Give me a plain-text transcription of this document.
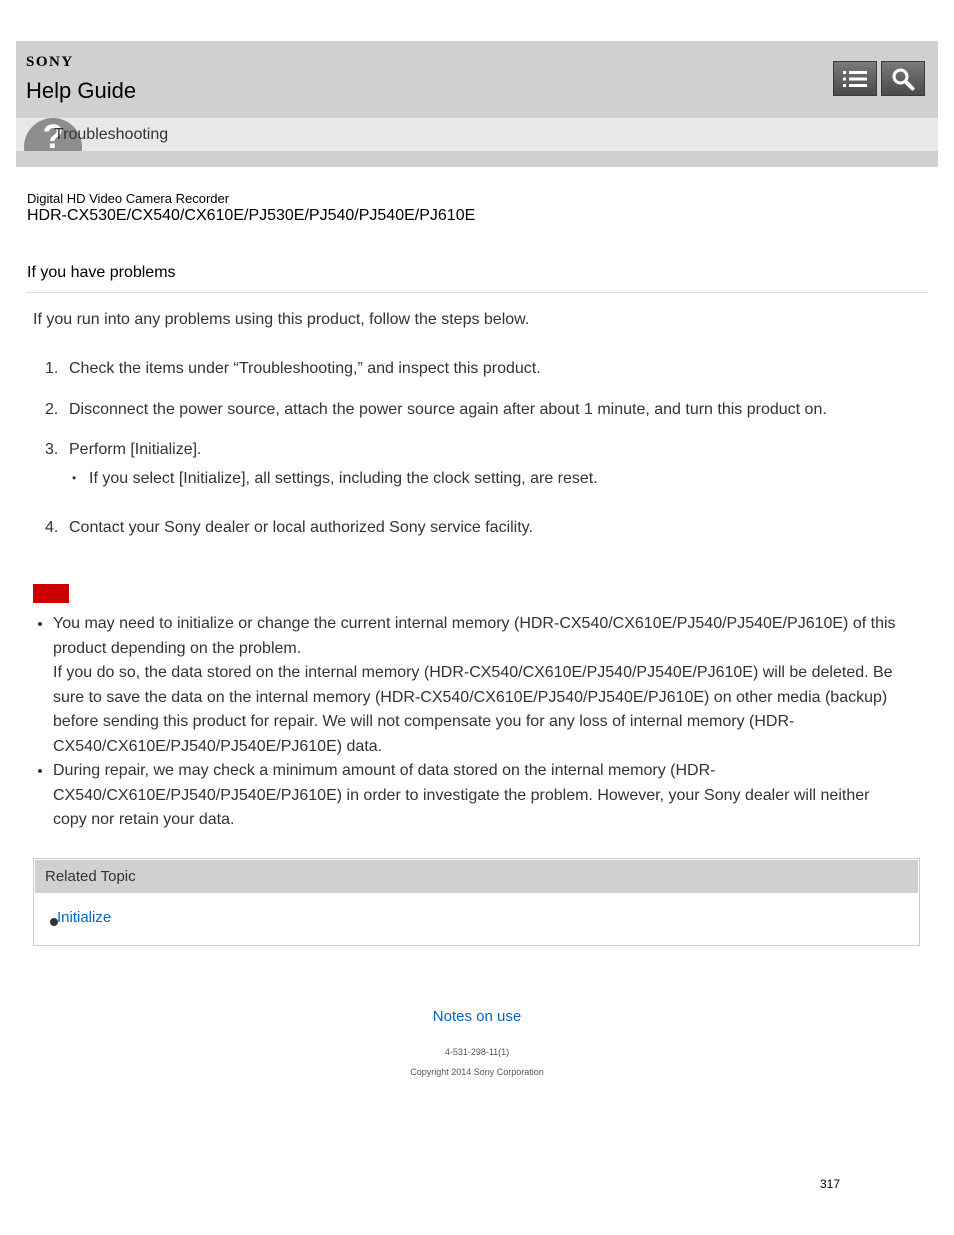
SONY
Help Guide
?
Troubleshooting
Digital HD Video Camera Recorder
HDR-CX530E/CX540/CX610E/PJ530E/PJ540/PJ540E/PJ610E
If you have problems
If you run into any problems using this product, follow the steps below.
1. Check the items under “Troubleshooting,” and inspect this product.
2. Disconnect the power source, attach the power source again after about 1 minute, and turn this product on.
3. Perform [Initialize].
• If you select [Initialize], all settings, including the clock setting, are reset.
4. Contact your Sony dealer or local authorized Sony service facility.
• You may need to initialize or change the current internal memory (HDR-CX540/CX610E/PJ540/PJ540E/PJ610E) of this product depending on the problem.
If you do so, the data stored on the internal memory (HDR-CX540/CX610E/PJ540/PJ540E/PJ610E) will be deleted. Be sure to save the data on the internal memory (HDR-CX540/CX610E/PJ540/PJ540E/PJ610E) on other media (backup) before sending this product for repair. We will not compensate you for any loss of internal memory (HDR-CX540/CX610E/PJ540/PJ540E/PJ610E) data.
• During repair, we may check a minimum amount of data stored on the internal memory (HDR-CX540/CX610E/PJ540/PJ540E/PJ610E) in order to investigate the problem. However, your Sony dealer will neither copy nor retain your data.
Related Topic
Initialize
Notes on use
4-531-298-11(1)
Copyright 2014 Sony Corporation
317
